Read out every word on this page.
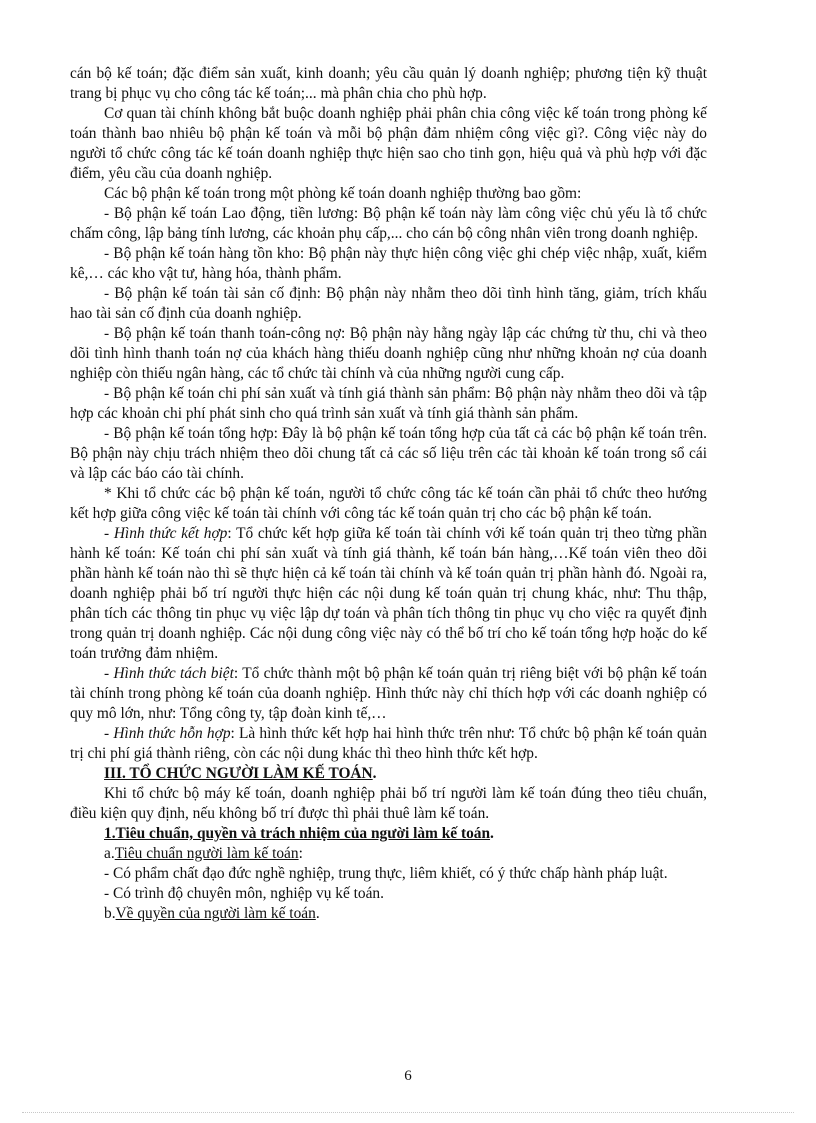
cán bộ kế toán; đặc điểm sản xuất, kinh doanh; yêu cầu quản lý doanh nghiệp; phương tiện kỹ thuật trang bị phục vụ cho công tác kế toán;... mà phân chia cho phù hợp.

Cơ quan tài chính không bắt buộc doanh nghiệp phải phân chia công việc kế toán trong phòng kế toán thành bao nhiêu bộ phận kế toán và mỗi bộ phận đảm nhiệm công việc gì?. Công việc này do người tổ chức công tác kế toán doanh nghiệp thực hiện sao cho tinh gọn, hiệu quả và phù hợp với đặc điểm, yêu cầu của doanh nghiệp.

Các bộ phận kế toán trong một phòng kế toán doanh nghiệp thường bao gồm:

- Bộ phận kế toán Lao động, tiền lương: Bộ phận kế toán này làm công việc chủ yếu là tổ chức chấm công, lập bảng tính lương, các khoản phụ cấp,... cho cán bộ công nhân viên trong doanh nghiệp.

- Bộ phận kế toán hàng tồn kho: Bộ phận này thực hiện công việc ghi chép việc nhập, xuất, kiểm kê,… các kho vật tư, hàng hóa, thành phẩm.

- Bộ phận kế toán tài sản cố định: Bộ phận này nhằm theo dõi tình hình tăng, giảm, trích khấu hao tài sản cố định của doanh nghiệp.

- Bộ phận kế toán thanh toán-công nợ: Bộ phận này hằng ngày lập các chứng từ thu, chi và theo dõi tình hình thanh toán nợ của khách hàng thiếu doanh nghiệp cũng như những khoản nợ của doanh nghiệp còn thiếu ngân hàng, các tổ chức tài chính và của những người cung cấp.

- Bộ phận kế toán chi phí sản xuất và tính giá thành sản phẩm: Bộ phận này nhằm theo dõi và tập hợp các khoản chi phí phát sinh cho quá trình sản xuất và tính giá thành sản phẩm.

- Bộ phận kế toán tổng hợp: Đây là bộ phận kế toán tổng hợp của tất cả các bộ phận kế toán trên. Bộ phận này chịu trách nhiệm theo dõi chung tất cả các số liệu trên các tài khoản kế toán trong sổ cái và lập các báo cáo tài chính.

* Khi tổ chức các bộ phận kế toán, người tổ chức công tác kế toán cần phải tổ chức theo hướng kết hợp giữa công việc kế toán tài chính với công tác kế toán quản trị cho các bộ phận kế toán.

- Hình thức kết hợp: Tổ chức kết hợp giữa kế toán tài chính với kế toán quản trị theo từng phần hành kế toán: Kế toán chi phí sản xuất và tính giá thành, kế toán bán hàng,…Kế toán viên theo dõi phần hành kế toán nào thì sẽ thực hiện cả kế toán tài chính và kế toán quản trị phần hành đó. Ngoài ra, doanh nghiệp phải bố trí người thực hiện các nội dung kế toán quản trị chung khác, như: Thu thập, phân tích các thông tin phục vụ việc lập dự toán và phân tích thông tin phục vụ cho việc ra quyết định trong quản trị doanh nghiệp. Các nội dung công việc này có thể bố trí cho kế toán tổng hợp hoặc do kế toán trưởng đảm nhiệm.

- Hình thức tách biệt: Tổ chức thành một bộ phận kế toán quản trị riêng biệt với bộ phận kế toán tài chính trong phòng kế toán của doanh nghiệp. Hình thức này chỉ thích hợp với các doanh nghiệp có quy mô lớn, như: Tổng công ty, tập đoàn kinh tế,…

- Hình thức hỗn hợp: Là hình thức kết hợp hai hình thức trên như: Tổ chức bộ phận kế toán quản trị chi phí giá thành riêng, còn các nội dung khác thì theo hình thức kết hợp.

III. TỔ CHỨC NGƯỜI LÀM KẾ TOÁN.

Khi tổ chức bộ máy kế toán, doanh nghiệp phải bố trí người làm kế toán đúng theo tiêu chuẩn, điều kiện quy định, nếu không bố trí được thì phải thuê làm kế toán.

1.Tiêu chuẩn, quyền và trách nhiệm của người làm kế toán.

a.Tiêu chuẩn người làm kế toán:

- Có phẩm chất đạo đức nghề nghiệp, trung thực, liêm khiết, có ý thức chấp hành pháp luật.

- Có trình độ chuyên môn, nghiệp vụ kế toán.

b.Về quyền của người làm kế toán.

6
